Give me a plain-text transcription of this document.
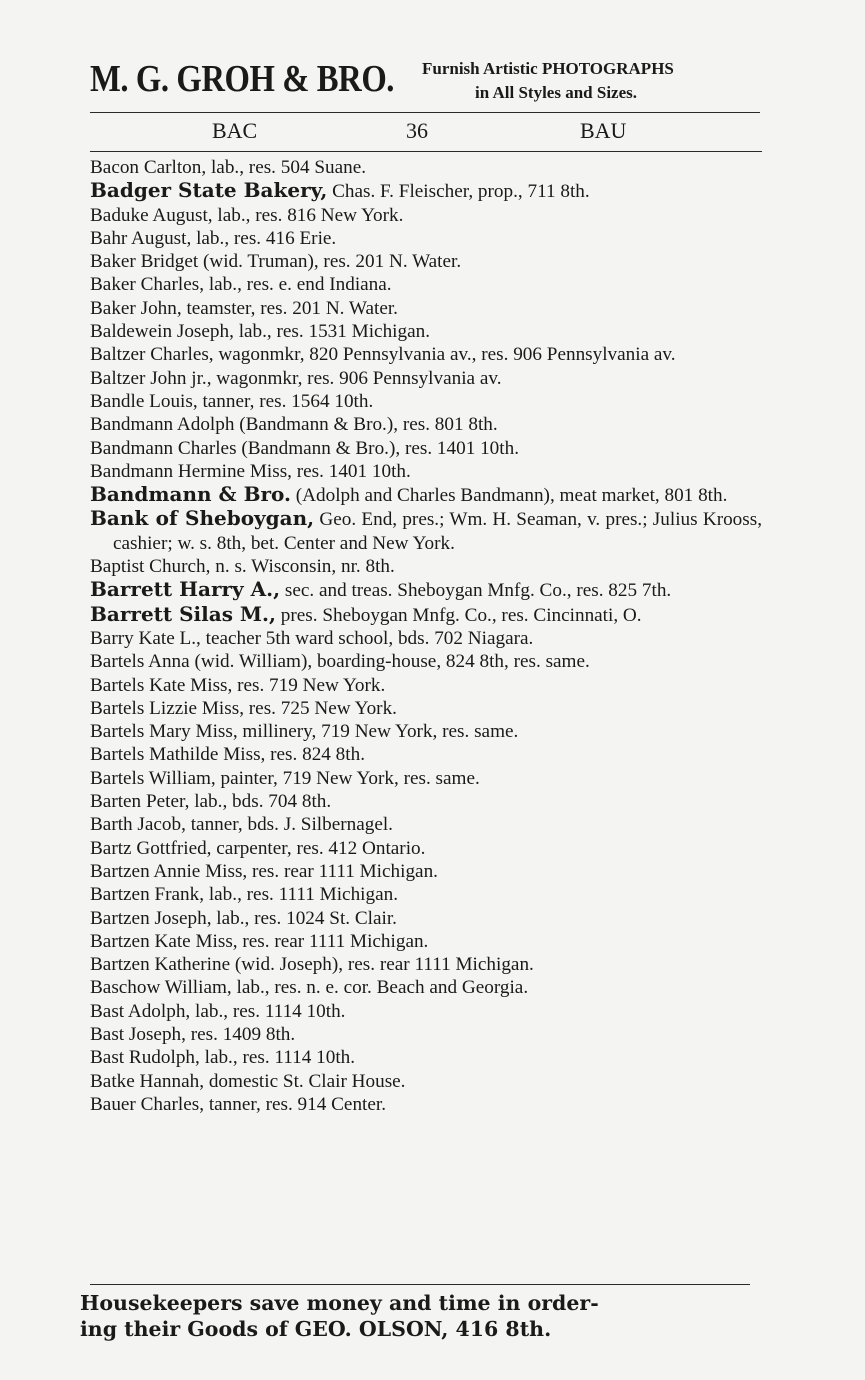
M. G. GROH & BRO. Furnish Artistic PHOTOGRAPHS
in All Styles and Sizes.
BAC	36	BAU
Bacon Carlton, lab., res. 504 Suane.
Badger State Bakery, Chas. F. Fleischer, prop., 711 8th.
Baduke August, lab., res. 816 New York.
Bahr August, lab., res. 416 Erie.
Baker Bridget (wid. Truman), res. 201 N. Water.
Baker Charles, lab., res. e. end Indiana.
Baker John, teamster, res. 201 N. Water.
Baldewein Joseph, lab., res. 1531 Michigan.
Baltzer Charles, wagonmkr, 820 Pennsylvania av., res. 906 Pennsylvania av.
Baltzer John jr., wagonmkr, res. 906 Pennsylvania av.
Bandle Louis, tanner, res. 1564 10th.
Bandmann Adolph (Bandmann & Bro.), res. 801 8th.
Bandmann Charles (Bandmann & Bro.), res. 1401 10th.
Bandmann Hermine Miss, res. 1401 10th.
Bandmann & Bro. (Adolph and Charles Bandmann), meat market, 801 8th.
Bank of Sheboygan, Geo. End, pres.; Wm. H. Seaman, v. pres.; Julius Krooss, cashier; w. s. 8th, bet. Center and New York.
Baptist Church, n. s. Wisconsin, nr. 8th.
Barrett Harry A., sec. and treas. Sheboygan Mnfg. Co., res. 825 7th.
Barrett Silas M., pres. Sheboygan Mnfg. Co., res. Cincinnati, O.
Barry Kate L., teacher 5th ward school, bds. 702 Niagara.
Bartels Anna (wid. William), boarding-house, 824 8th, res. same.
Bartels Kate Miss, res. 719 New York.
Bartels Lizzie Miss, res. 725 New York.
Bartels Mary Miss, millinery, 719 New York, res. same.
Bartels Mathilde Miss, res. 824 8th.
Bartels William, painter, 719 New York, res. same.
Barten Peter, lab., bds. 704 8th.
Barth Jacob, tanner, bds. J. Silbernagel.
Bartz Gottfried, carpenter, res. 412 Ontario.
Bartzen Annie Miss, res. rear 1111 Michigan.
Bartzen Frank, lab., res. 1111 Michigan.
Bartzen Joseph, lab., res. 1024 St. Clair.
Bartzen Kate Miss, res. rear 1111 Michigan.
Bartzen Katherine (wid. Joseph), res. rear 1111 Michigan.
Baschow William, lab., res. n. e. cor. Beach and Georgia.
Bast Adolph, lab., res. 1114 10th.
Bast Joseph, res. 1409 8th.
Bast Rudolph, lab., res. 1114 10th.
Batke Hannah, domestic St. Clair House.
Bauer Charles, tanner, res. 914 Center.
Housekeepers save money and time in order-
ing their Goods of GEO. OLSON, 416 8th.
